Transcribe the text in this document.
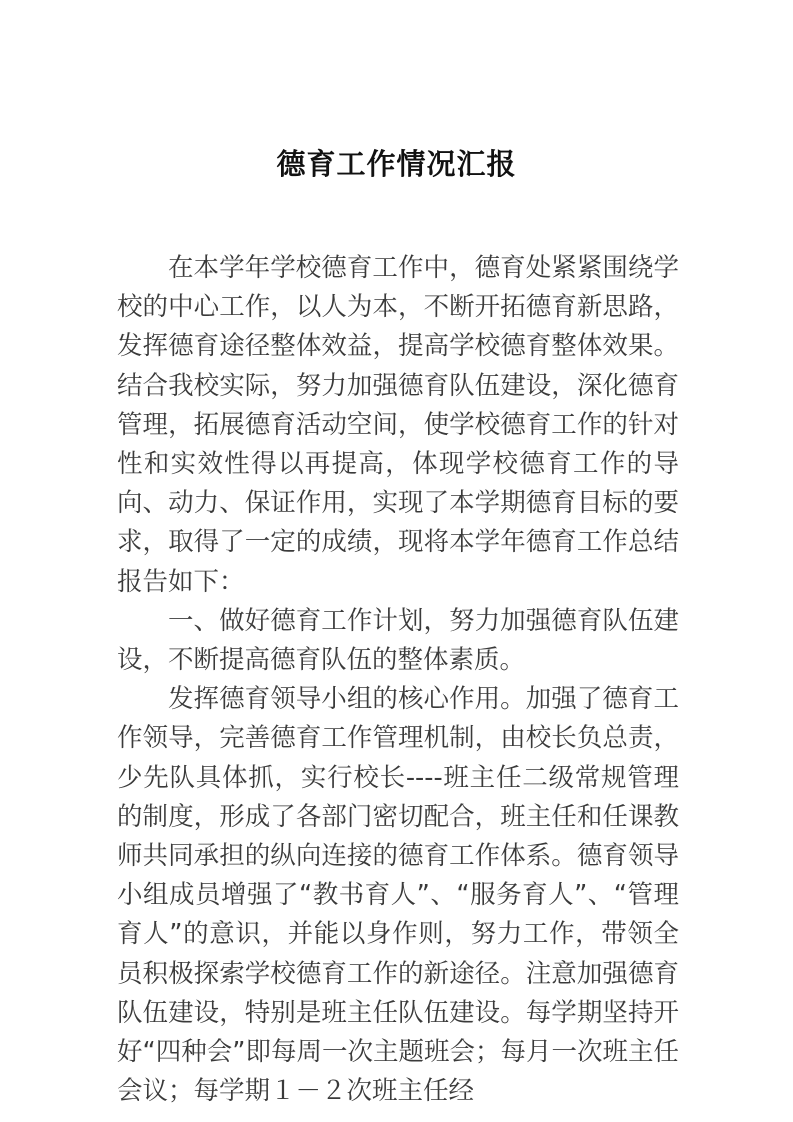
德育工作情况汇报

在本学年学校德育工作中，德育处紧紧围绕学校的中心工作，以人为本，不断开拓德育新思路，发挥德育途径整体效益，提高学校德育整体效果。结合我校实际，努力加强德育队伍建设，深化德育管理，拓展德育活动空间，使学校德育工作的针对性和实效性得以再提高，体现学校德育工作的导向、动力、保证作用，实现了本学期德育目标的要求，取得了一定的成绩，现将本学年德育工作总结报告如下：

一、做好德育工作计划，努力加强德育队伍建设，不断提高德育队伍的整体素质。

发挥德育领导小组的核心作用。加强了德育工作领导，完善德育工作管理机制，由校长负总责，少先队具体抓，实行校长----班主任二级常规管理的制度，形成了各部门密切配合，班主任和任课教师共同承担的纵向连接的德育工作体系。德育领导小组成员增强了“教书育人”、“服务育人”、“管理育人”的意识，并能以身作则，努力工作，带领全员积极探索学校德育工作的新途径。注意加强德育队伍建设，特别是班主任队伍建设。每学期坚持开好“四种会”即每周一次主题班会；每月一次班主任会议；每学期１－２次班主任经
